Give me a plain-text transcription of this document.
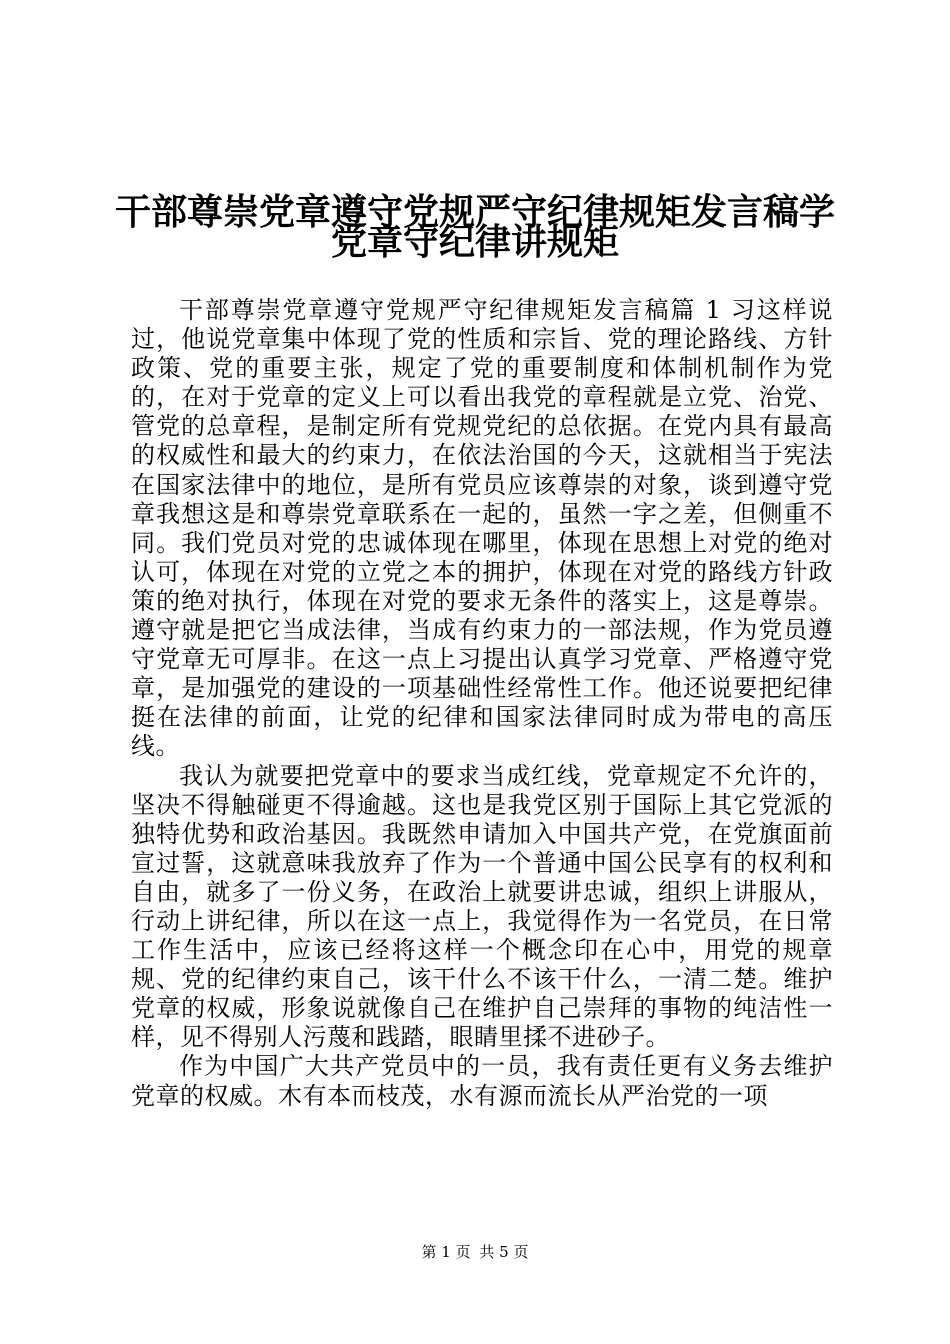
干部尊崇党章遵守党规严守纪律规矩发言稿学
党章守纪律讲规矩

干部尊崇党章遵守党规严守纪律规矩发言稿篇 1 习这样说过，他说党章集中体现了党的性质和宗旨、党的理论路线、方针政策、党的重要主张，规定了党的重要制度和体制机制作为党的，在对于党章的定义上可以看出我党的章程就是立党、治党、管党的总章程，是制定所有党规党纪的总依据。在党内具有最高的权威性和最大的约束力，在依法治国的今天，这就相当于宪法在国家法律中的地位，是所有党员应该尊崇的对象，谈到遵守党章我想这是和尊崇党章联系在一起的，虽然一字之差，但侧重不同。我们党员对党的忠诚体现在哪里，体现在思想上对党的绝对认可，体现在对党的立党之本的拥护，体现在对党的路线方针政策的绝对执行，体现在对党的要求无条件的落实上，这是尊崇。遵守就是把它当成法律，当成有约束力的一部法规，作为党员遵守党章无可厚非。在这一点上习提出认真学习党章、严格遵守党章，是加强党的建设的一项基础性经常性工作。他还说要把纪律挺在法律的前面，让党的纪律和国家法律同时成为带电的高压线。

我认为就要把党章中的要求当成红线，党章规定不允许的，坚决不得触碰更不得逾越。这也是我党区别于国际上其它党派的独特优势和政治基因。我既然申请加入中国共产党，在党旗面前宣过誓，这就意味我放弃了作为一个普通中国公民享有的权利和自由，就多了一份义务，在政治上就要讲忠诚，组织上讲服从，行动上讲纪律，所以在这一点上，我觉得作为一名党员，在日常工作生活中，应该已经将这样一个概念印在心中，用党的规章规、党的纪律约束自己，该干什么不该干什么，一清二楚。维护党章的权威，形象说就像自己在维护自己崇拜的事物的纯洁性一样，见不得别人污蔑和践踏，眼睛里揉不进砂子。

作为中国广大共产党员中的一员，我有责任更有义务去维护党章的权威。木有本而枝茂，水有源而流长从严治党的一项

第 1 页 共 5 页
